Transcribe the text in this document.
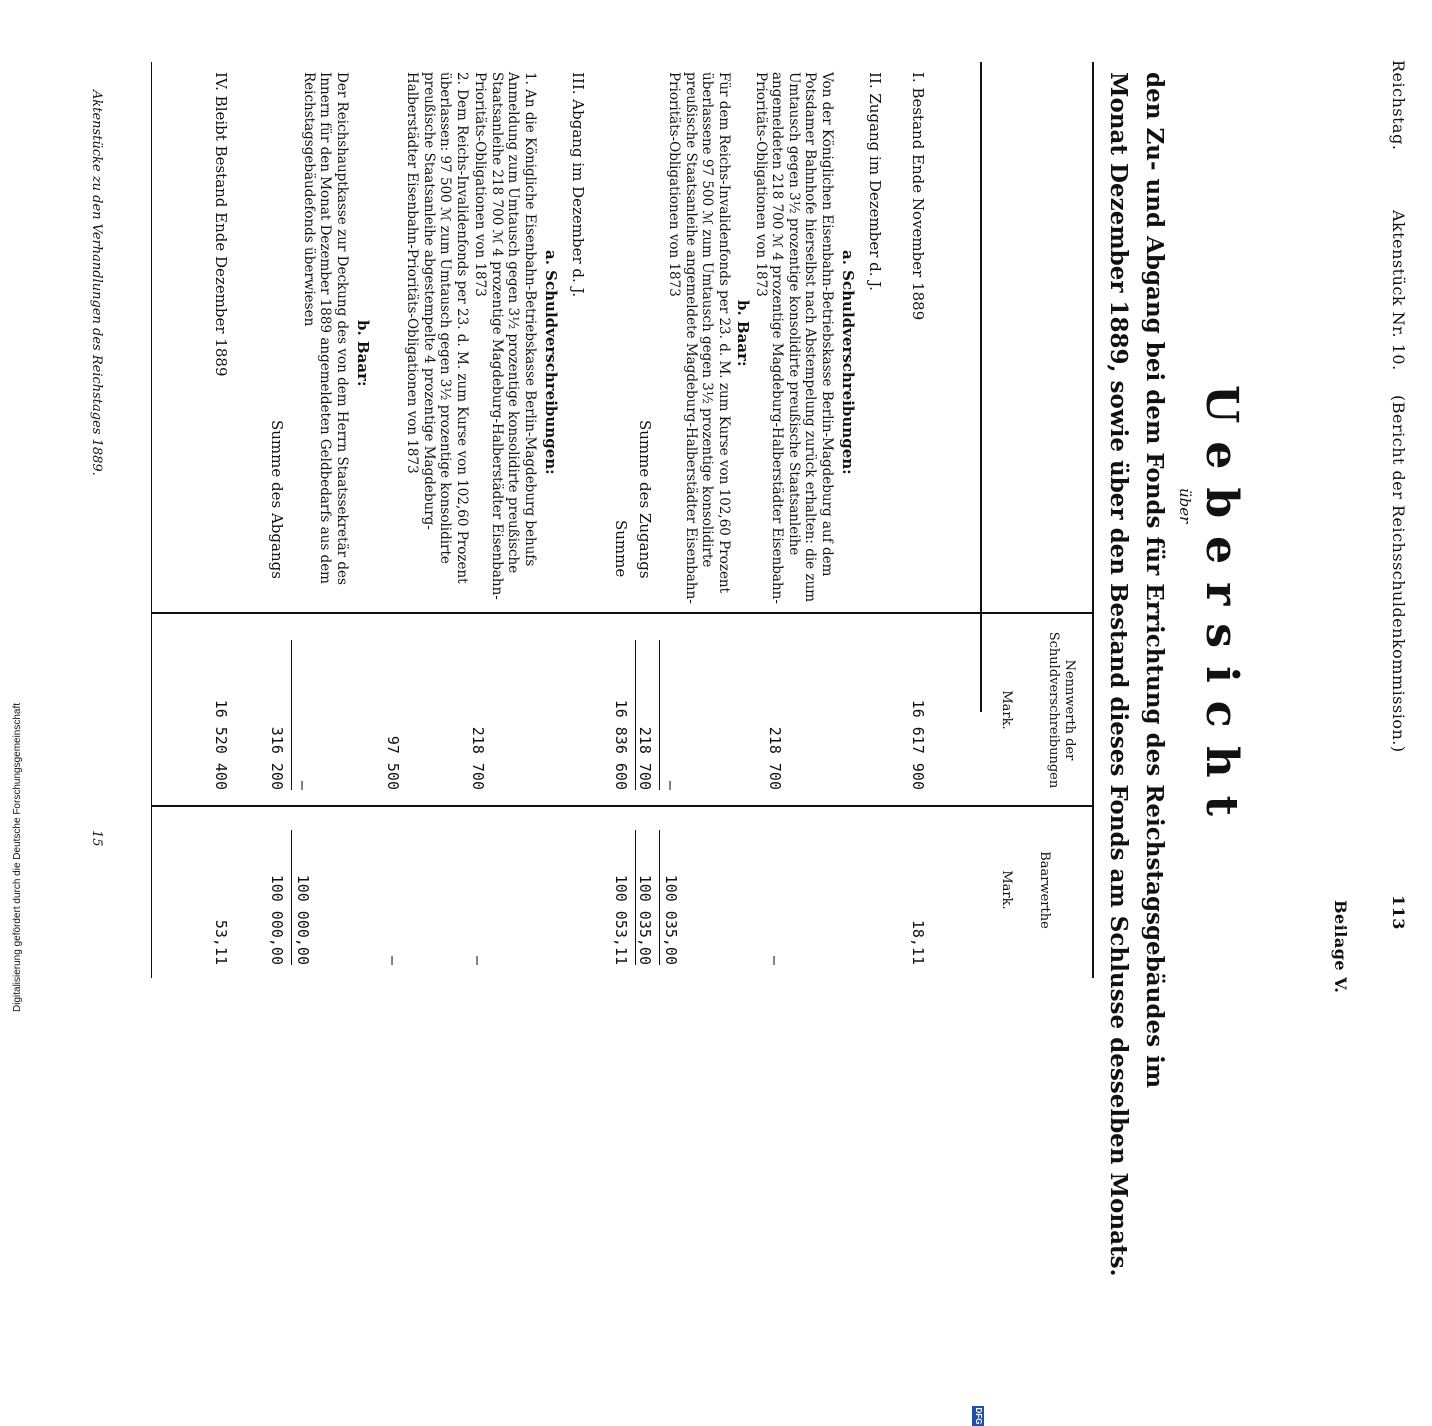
Reichstag.
Aktenstück Nr. 10.
(Bericht der Reichsschuldenkommission.)
113
Beilage V.
Uebersicht
über
den Zu- und Abgang bei dem Fonds für Errichtung des Reichstagsgebäudes im
Monat Dezember 1889, sowie über den Bestand dieses Fonds am Schlusse desselben Monats.
Nennwerth der Schuldverschreibungen
Mark.
Baarwerthe
Mark.
I. Bestand Ende November 1889
16 617 900
18,11
II. Zugang im Dezember d. J.
a. Schuldverschreibungen:
Von der Königlichen Eisenbahn-Betriebskasse Berlin-Magdeburg auf dem Potsdamer Bahnhofe hierselbst nach Abstempelung zurück erhalten: die zum Umtausch gegen 3½ prozentige konsolidirte preußische Staatsanleihe angemeldeten 218 700 ℳ 4 prozentige Magdeburg-Halberstädter Eisenbahn-Prioritäts-Obligationen von 1873
218 700
—
b. Baar:
Für dem Reichs-Invalidenfonds per 23. d. M. zum Kurse von 102,60 Prozent überlassene 97 500 ℳ zum Umtausch gegen 3½ prozentige konsolidirte preußische Staatsanleihe angemeldete Magdeburg-Halberstädter Eisenbahn-Prioritäts-Obligationen von 1873
—
100 035,00
Summe des Zugangs
218 700
100 035,00
Summe
16 836 600
100 053,11
III. Abgang im Dezember d. J.
a. Schuldverschreibungen:
1. An die Königliche Eisenbahn-Betriebskasse Berlin-Magdeburg behufs Anmeldung zum Umtausch gegen 3½ prozentige konsolidirte preußische Staatsanleihe 218 700 ℳ 4 prozentige Magdeburg-Halberstädter Eisenbahn-Prioritäts-Obligationen von 1873
218 700
—
2. Dem Reichs-Invalidenfonds per 23. d. M. zum Kurse von 102,60 Prozent überlassen: 97 500 ℳ zum Umtausch gegen 3½ prozentige konsolidirte preußische Staatsanleihe abgestempelte 4 prozentige Magdeburg-Halberstädter Eisenbahn-Prioritäts-Obligationen von 1873
97 500
—
b. Baar:
Der Reichshauptkasse zur Deckung des von dem Herrn Staatssekretär des Innern für den Monat Dezember 1889 angemeldeten Geldbedarfs aus dem Reichstagsgebäudefonds überwiesen
—
100 000,00
Summe des Abgangs
316 200
100 000,00
IV. Bleibt Bestand Ende Dezember 1889
16 520 400
53,11
Aktenstücke zu den Verhandlungen des Reichstages 1889.
15
Digitalisierung gefördert durch die Deutsche Forschungsgemeinschaft
DFG
